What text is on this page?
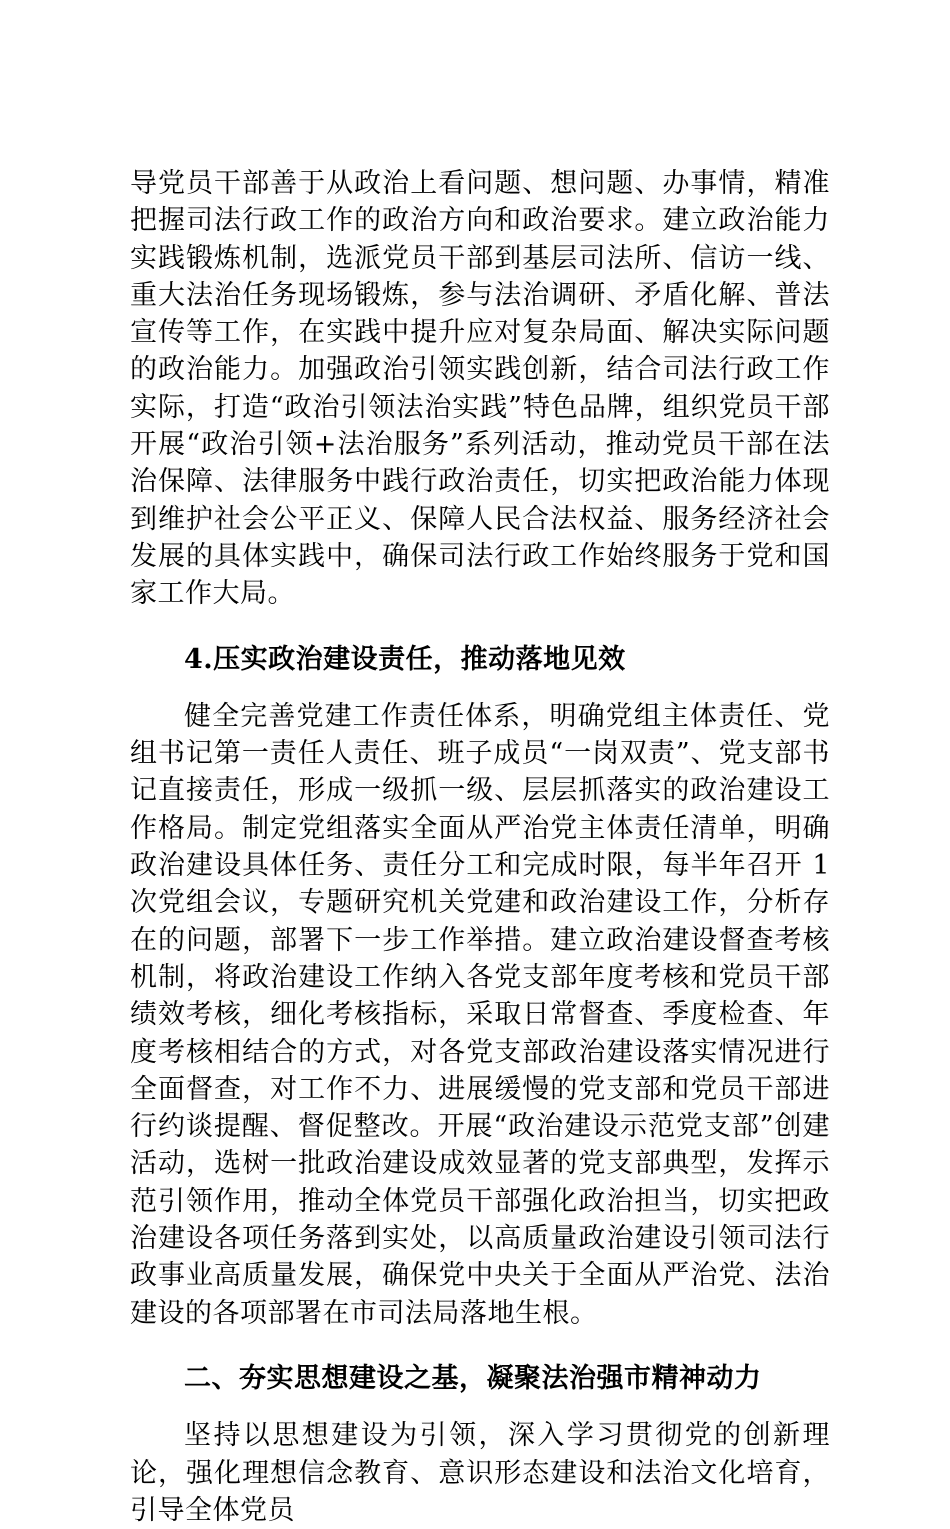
导党员干部善于从政治上看问题、想问题、办事情，精准把握司法行政工作的政治方向和政治要求。建立政治能力实践锻炼机制，选派党员干部到基层司法所、信访一线、重大法治任务现场锻炼，参与法治调研、矛盾化解、普法宣传等工作，在实践中提升应对复杂局面、解决实际问题的政治能力。加强政治引领实践创新，结合司法行政工作实际，打造“政治引领法治实践”特色品牌，组织党员干部开展“政治引领+法治服务”系列活动，推动党员干部在法治保障、法律服务中践行政治责任，切实把政治能力体现到维护社会公平正义、保障人民合法权益、服务经济社会发展的具体实践中，确保司法行政工作始终服务于党和国家工作大局。

4.压实政治建设责任，推动落地见效

健全完善党建工作责任体系，明确党组主体责任、党组书记第一责任人责任、班子成员“一岗双责”、党支部书记直接责任，形成一级抓一级、层层抓落实的政治建设工作格局。制定党组落实全面从严治党主体责任清单，明确政治建设具体任务、责任分工和完成时限，每半年召开 1 次党组会议，专题研究机关党建和政治建设工作，分析存在的问题，部署下一步工作举措。建立政治建设督查考核机制，将政治建设工作纳入各党支部年度考核和党员干部绩效考核，细化考核指标，采取日常督查、季度检查、年度考核相结合的方式，对各党支部政治建设落实情况进行全面督查，对工作不力、进展缓慢的党支部和党员干部进行约谈提醒、督促整改。开展“政治建设示范党支部”创建活动，选树一批政治建设成效显著的党支部典型，发挥示范引领作用，推动全体党员干部强化政治担当，切实把政治建设各项任务落到实处，以高质量政治建设引领司法行政事业高质量发展，确保党中央关于全面从严治党、法治建设的各项部署在市司法局落地生根。

二、夯实思想建设之基，凝聚法治强市精神动力

坚持以思想建设为引领，深入学习贯彻党的创新理论，强化理想信念教育、意识形态建设和法治文化培育，引导全体党员
